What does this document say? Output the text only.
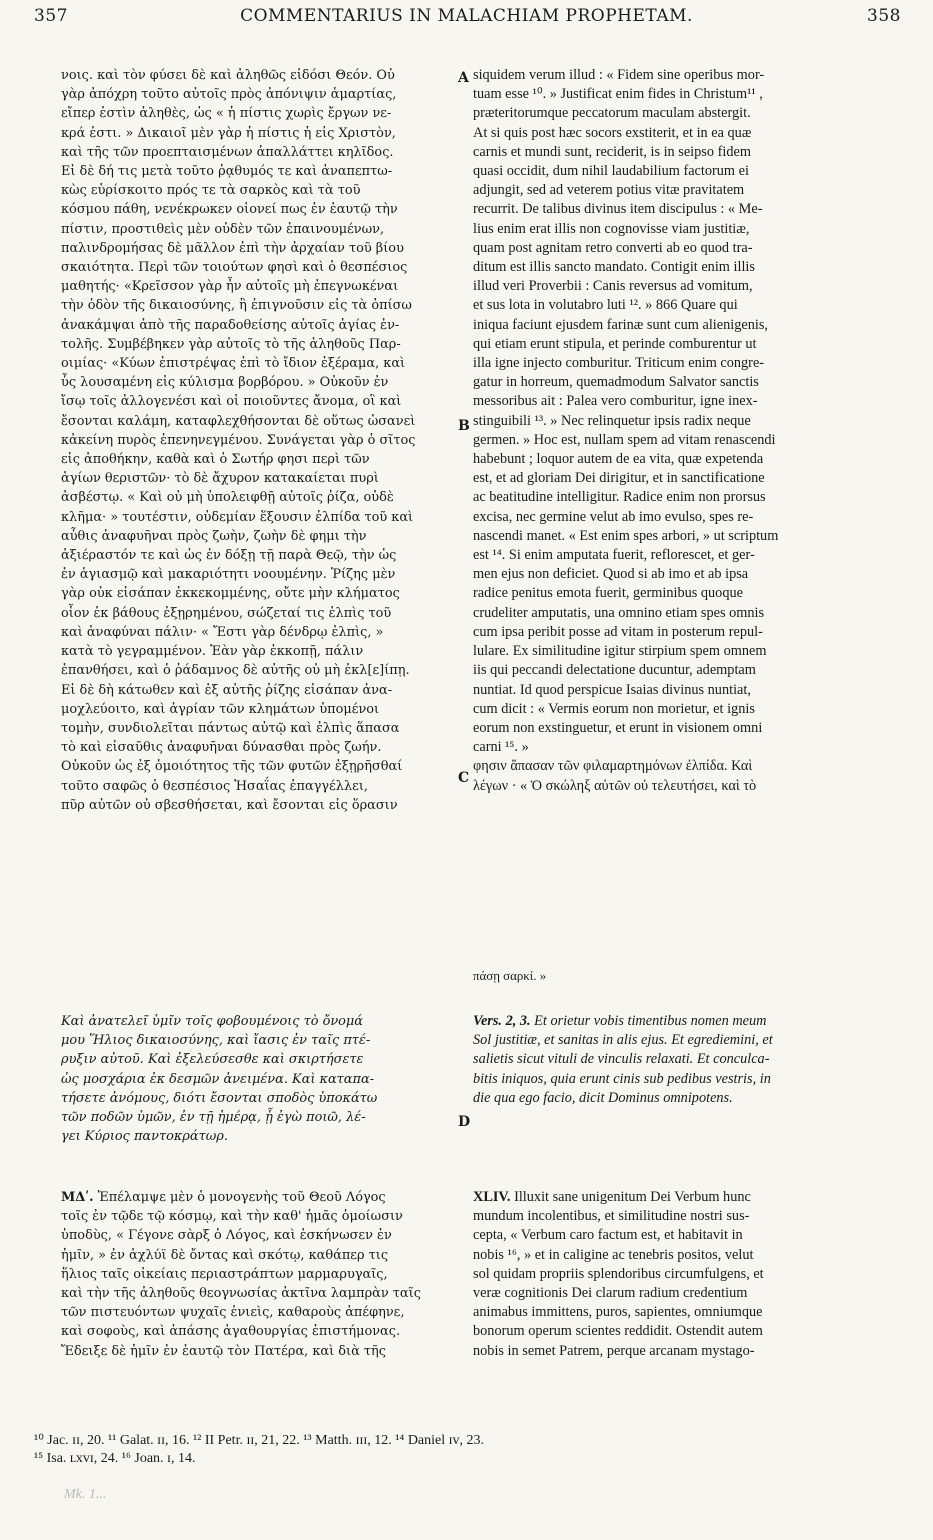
357	COMMENTARIUS IN MALACHIAM PROPHETAM.	358
A
B
C
D

νοις. καὶ τὸν φύσει δὲ καὶ ἀληθῶς εἰδόσι Θεόν. Οὐ

γὰρ ἀπόχρη τοῦτο αὐτοῖς πρὸς ἀπόνιψιν ἁμαρτίας,

εἴπερ ἐστὶν ἀληθὲς, ὡς « ἡ πίστις χωρὶς ἔργων νε-

κρά ἐστι. » Δικαιοῖ μὲν γὰρ ἡ πίστις ἡ εἰς Χριστὸν,

καὶ τῆς τῶν προεπταισμένων ἀπαλλάττει κηλῖδος.

Εἰ δὲ δή τις μετὰ τοῦτο ῥᾳθυμός τε καὶ ἀναπεπτω-

κὼς εὑρίσκοιτο πρός τε τὰ σαρκὸς καὶ τὰ τοῦ

κόσμου πάθη, νενέκρωκεν οἱονεί πως ἐν ἑαυτῷ τὴν

πίστιν, προστιθεὶς μὲν οὐδὲν τῶν ἐπαινουμένων,

παλινδρομήσας δὲ μᾶλλον ἐπὶ τὴν ἀρχαίαν τοῦ βίου

σκαιότητα. Περὶ τῶν τοιούτων φησὶ καὶ ὁ θεσπέσιος

μαθητής· «Κρεῖσσον γὰρ ἦν αὐτοῖς μὴ ἐπεγνωκέναι

τὴν ὁδὸν τῆς δικαιοσύνης, ἢ ἐπιγνοῦσιν εἰς τὰ ὀπίσω

ἀνακάμψαι ἀπὸ τῆς παραδοθείσης αὐτοῖς ἁγίας ἐν-

τολῆς. Συμβέβηκεν γὰρ αὐτοῖς τὸ τῆς ἀληθοῦς Παρ-

οιμίας· «Κύων ἐπιστρέψας ἐπὶ τὸ ἴδιον ἐξέραμα, καὶ

ὗς λουσαμένη εἰς κύλισμα βορβόρου. » Οὐκοῦν ἐν

ἴσῳ τοῖς ἀλλογενέσι καὶ οἱ ποιοῦντες ἄνομα, οἳ καὶ

ἔσονται καλάμη, καταφλεχθήσονται δὲ οὕτως ὡσανεὶ

κἀκείνη πυρὸς ἐπενηνεγμένου. Συνάγεται γὰρ ὁ σῖτος

εἰς ἀποθήκην, καθὰ καὶ ὁ Σωτήρ φησι περὶ τῶν

ἁγίων θεριστῶν· τὸ δὲ ἄχυρον κατακαίεται πυρὶ

ἀσβέστῳ. « Καὶ οὐ μὴ ὑπολειφθῇ αὐτοῖς ῥίζα, οὐδὲ

κλῆμα· » τουτέστιν, οὐδεμίαν ἕξουσιν ἐλπίδα τοῦ καὶ

αὖθις ἀναφυῆναι πρὸς ζωὴν, ζωὴν δὲ φημι τὴν

ἀξιέραστόν τε καὶ ὡς ἐν δόξῃ τῇ παρὰ Θεῷ, τὴν ὡς

ἐν ἁγιασμῷ καὶ μακαριότητι νοουμένην. Ῥίζης μὲν

γὰρ οὐκ εἰσάπαν ἐκκεκομμένης, οὔτε μὴν κλήματος

οἷον ἐκ βάθους ἐξῃρημένου, σώζεταί τις ἐλπὶς τοῦ

καὶ ἀναφύναι πάλιν· « Ἔστι γὰρ δένδρῳ ἐλπὶς, »

κατὰ τὸ γεγραμμένον. Ἐὰν γὰρ ἐκκοπῇ, πάλιν

ἐπανθήσει, καὶ ὁ ῥάδαμνος δὲ αὐτῆς οὐ μὴ ἐκλ[ε]ίπῃ.

Εἰ δὲ δὴ κάτωθεν καὶ ἐξ αὐτῆς ῥίζης εἰσάπαν ἀνα-

μοχλεύοιτο, καὶ ἀγρίαν τῶν κλημάτων ὑπομένοι

τομὴν, συνδιολεῖται πάντως αὐτῷ καὶ ἐλπὶς ἅπασα

τὸ καὶ εἰσαῦθις ἀναφυῆναι δύνασθαι πρὸς ζωήν.

Οὐκοῦν ὡς ἐξ ὁμοιότητος τῆς τῶν φυτῶν ἐξῃρῆσθαί

τοῦτο σαφῶς ὁ θεσπέσιος Ἡσαΐας ἐπαγγέλλει,

πῦρ αὐτῶν οὐ σβεσθήσεται, καὶ ἔσονται εἰς ὅρασιν

siquidem verum illud : « Fidem sine operibus mor-

tuam esse ¹⁰. » Justificat enim fides in Christum¹¹ ,

præteritorumque peccatorum maculam abstergit.

At si quis post hæc socors exstiterit, et in ea quæ

carnis et mundi sunt, reciderit, is in seipso fidem

quasi occidit, dum nihil laudabilium factorum ei

adjungit, sed ad veterem potius vitæ pravitatem

recurrit. De talibus divinus item discipulus : « Me-

lius enim erat illis non cognovisse viam justitiæ,

quam post agnitam retro converti ab eo quod tra-

ditum est illis sancto mandato. Contigit enim illis

illud veri Proverbii : Canis reversus ad vomitum,

et sus lota in volutabro luti ¹². » 866 Quare qui

iniqua faciunt ejusdem farinæ sunt cum alienigenis,

qui etiam erunt stipula, et perinde comburentur ut

illa igne injecto comburitur. Triticum enim congre-

gatur in horreum, quemadmodum Salvator sanctis

messoribus ait : Palea vero comburitur, igne inex-

stinguibili ¹³. » Nec relinquetur ipsis radix neque

germen. » Hoc est, nullam spem ad vitam renascendi

habebunt ; loquor autem de ea vita, quæ expetenda

est, et ad gloriam Dei dirigitur, et in sanctificatione

ac beatitudine intelligitur. Radice enim non prorsus

excisa, nec germine velut ab imo evulso, spes re-

nascendi manet. « Est enim spes arbori, » ut scriptum

est ¹⁴. Si enim amputata fuerit, reflorescet, et ger-

men ejus non deficiet. Quod si ab imo et ab ipsa

radice penitus emota fuerit, germinibus quoque

crudeliter amputatis, una omnino etiam spes omnis

cum ipsa peribit posse ad vitam in posterum repul-

lulare. Ex similitudine igitur stirpium spem omnem

iis qui peccandi delectatione ducuntur, ademptam

nuntiat. Id quod perspicue Isaias divinus nuntiat,

cum dicit : « Vermis eorum non morietur, et ignis

eorum non exstinguetur, et erunt in visionem omni

carni ¹⁵. »

φησιν ἅπασαν τῶν φιλαμαρτημόνων ἐλπίδα. Καὶ

λέγων · « Ὁ σκώληξ αὐτῶν οὐ τελευτήσει, καὶ τὸ

πάσῃ σαρκί. »

Καὶ ἀνατελεῖ ὑμῖν τοῖς φοβουμένοις τὸ ὄνομά

μου Ἥλιος δικαιοσύνης, καὶ ἴασις ἐν ταῖς πτέ-

ρυξιν αὐτοῦ. Καὶ ἐξελεύσεσθε καὶ σκιρτήσετε

ὡς μοσχάρια ἐκ δεσμῶν ἀνειμένα. Καὶ καταπα-

τήσετε ἀνόμους, διότι ἔσονται σποδὸς ὑποκάτω

τῶν ποδῶν ὑμῶν, ἐν τῇ ἡμέρᾳ, ᾗ ἐγὼ ποιῶ, λέ-

γει Κύριος παντοκράτωρ.

Vers. 2, 3. Et orietur vobis timentibus nomen meum

Sol justitiæ, et sanitas in alis ejus. Et egrediemini, et

salietis sicut vituli de vinculis relaxati. Et conculca-

bitis iniquos, quia erunt cinis sub pedibus vestris, in

die qua ego facio, dicit Dominus omnipotens.

ΜΔʹ. Ἐπέλαμψε μὲν ὁ μονογενὴς τοῦ Θεοῦ Λόγος

τοῖς ἐν τῷδε τῷ κόσμῳ, καὶ τὴν καθ' ἡμᾶς ὁμοίωσιν

ὑποδὺς, « Γέγονε σὰρξ ὁ Λόγος, καὶ ἐσκήνωσεν ἐν

ἡμῖν, » ἐν ἀχλύϊ δὲ ὄντας καὶ σκότῳ, καθάπερ τις

ἥλιος ταῖς οἰκείαις περιαστράπτων μαρμαρυγαῖς,

καὶ τὴν τῆς ἀληθοῦς θεογνωσίας ἀκτῖνα λαμπρὰν ταῖς

τῶν πιστευόντων ψυχαῖς ἐνιεὶς, καθαροὺς ἀπέφηνε,

καὶ σοφοὺς, καὶ ἁπάσης ἀγαθουργίας ἐπιστήμονας.

Ἔδειξε δὲ ἡμῖν ἐν ἑαυτῷ τὸν Πατέρα, καὶ διὰ τῆς

XLIV. Illuxit sane unigenitum Dei Verbum hunc

mundum incolentibus, et similitudine nostri sus-

cepta, « Verbum caro factum est, et habitavit in

nobis ¹⁶, » et in caligine ac tenebris positos, velut

sol quidam propriis splendoribus circumfulgens, et

veræ cognitionis Dei clarum radium credentium

animabus immittens, puros, sapientes, omniumque

bonorum operum scientes reddidit. Ostendit autem

nobis in semet Patrem, perque arcanam mystago-

¹⁰ Jac. ɪɪ, 20. ¹¹ Galat. ɪɪ, 16. ¹² II Petr. ɪɪ, 21, 22. ¹³ Matth. ɪɪɪ, 12. ¹⁴ Daniel ɪᴠ, 23.
¹⁵ Isa. ʟxᴠɪ, 24. ¹⁶ Joan. ɪ, 14.
Mk. 1...
